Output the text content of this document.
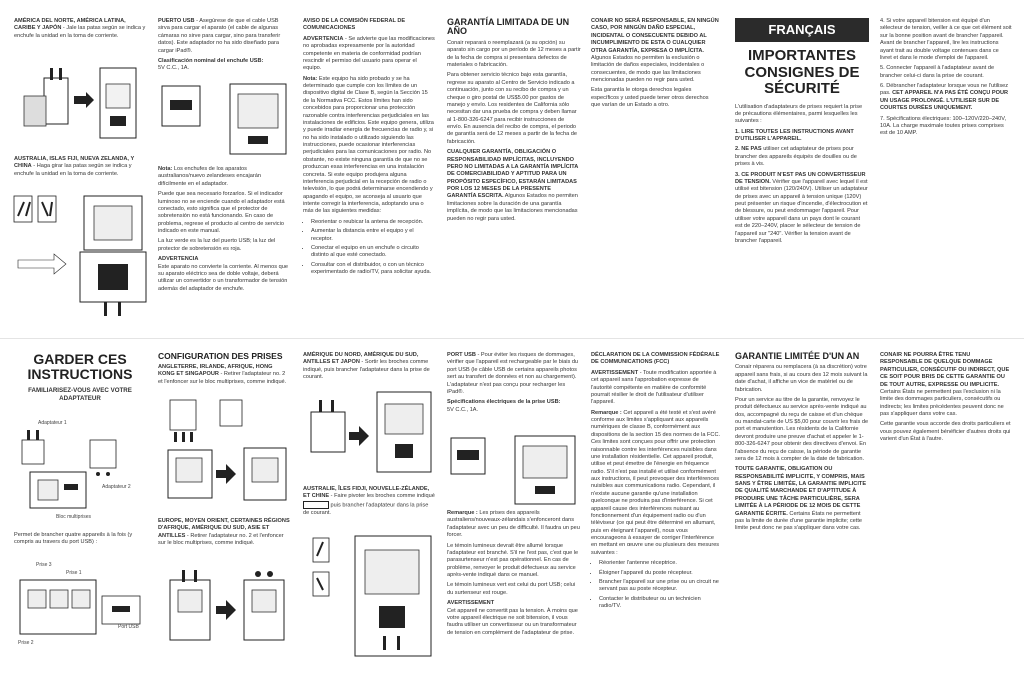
AMÉRICA DEL NORTE, AMÉRICA LATINA, CARIBE Y JAPÓN - Jale las patas según se indica y enchufe la unidad en la toma de corriente.

AUSTRALIA, ISLAS FIJI, NUEVA ZELANDA, Y CHINA - Haga girar las patas según se indica y enchufe la unidad en la toma de corriente.

PUERTO USB - Asegúrese de que el cable USB sirva para cargar el aparato (el cable de algunas cámaras no sirve para cargar, sino para transferir datos). Este adaptador no ha sido diseñado para cargar iPad®.

Clasificación nominal del enchufe USB:
5V C.C., 1A.

Nota: Los enchufes de los aparatos australianos/nuevo zelandeses encajarán difícilmente en el adaptador.

Puede que sea necesario forzarlos. Si el indicador luminoso no se enciende cuando el adaptador está conectado, esto significa que el protector de sobretensión no está funcionando. En caso de problema, regrese el producto al centro de servicio indicado en este manual.

La luz verde es la luz del puerto USB; la luz del protector de sobretensión es roja.

ADVERTENCIA

Este aparato no convierte la corriente. Al menos que su aparato eléctrico sea de doble voltaje, deberá utilizar un convertidor o un transformador de tensión además del adaptador de enchufe.

AVISO DE LA COMISIÓN FEDERAL DE COMUNICACIONES

ADVERTENCIA - Se advierte que las modificaciones no aprobadas expresamente por la autoridad competente en materia de conformidad podrían rescindir el permiso del usuario para operar el equipo.

Nota: Este equipo ha sido probado y se ha determinado que cumple con los límites de un dispositivo digital de Clase B, según la Sección 15 de la Normativa FCC. Estos límites han sido concebidos para proporcionar una protección razonable contra interferencias perjudiciales en las instalaciones de edificios. Este equipo genera, utiliza y puede irradiar energía de frecuencias de radio y, si no ha sido instalado o utilizado siguiendo las instrucciones, puede ocasionar interferencias perjudiciales para las comunicaciones por radio. No obstante, no existe ninguna garantía de que no se produzcan esas interferencias en una instalación concreta. Si este equipo produjera alguna interferencia perjudicial en la recepción de radio o televisión, lo que podrá determinarse encendiendo y apagando el equipo, se aconseja al usuario que intente corregir la interferencia, adoptando una o más de las siguientes medidas:

• Reorientar o reubicar la antena de recepción.
• Aumentar la distancia entre el equipo y el receptor.
• Conectar el equipo en un enchufe o circuito distinto al que esté conectado.
• Consultar con el distribuidor, o con un técnico experimentado de radio/TV, para solicitar ayuda.

GARANTÍA LIMITADA DE UN AÑO

Conair reparará o reemplazará (a su opción) su aparato sin cargo por un período de 12 meses a partir de la fecha de compra si presentara defectos de materiales o fabricación.

Para obtener servicio técnico bajo esta garantía, regrese su aparato al Centro de Servicio indicado a continuación, junto con su recibo de compra y un cheque o giro postal de US$5.00 por gastos de manejo y envío. Los residentes de California sólo necesitan dar una prueba de compra y deben llamar al 1-800-326-6247 para recibir instrucciones de envío. En ausencia del recibo de compra, el periodo de garantía será de 12 meses a partir de la fecha de fabricación.

CUALQUIER GARANTÍA, OBLIGACIÓN O RESPONSABILIDAD IMPLÍCITAS, INCLUYENDO PERO NO LIMITADAS A LA GARANTÍA IMPLÍCITA DE COMERCIABILIDAD Y APTITUD PARA UN PROPÓSITO ESPECÍFICO, ESTARÁN LIMITADAS POR LOS 12 MESES DE LA PRESENTE GARANTÍA ESCRITA. Algunos Estados no permiten limitaciones sobre la duración de una garantía implícita, de modo que las limitaciones mencionadas pueden no regir para usted.

CONAIR NO SERÁ RESPONSABLE, EN NINGÚN CASO, POR NINGÚN DAÑO ESPECIAL, INCIDENTAL O CONSECUENTE DEBIDO AL INCUMPLIMIENTO DE ESTA O CUALQUIER OTRA GARANTÍA, EXPRESA O IMPLÍCITA. Algunos Estados no permiten la exclusión o limitación de daños especiales, incidentales o consecuentes, de modo que las limitaciones mencionadas pueden no regir para usted.

Esta garantía le otorga derechos legales específicos y usted puede tener otros derechos que varían de un Estado a otro.

FRANÇAIS

IMPORTANTES CONSIGNES DE SÉCURITÉ

L'utilisation d'adaptateurs de prises requiert la prise de précautions élémentaires, parmi lesquelles les suivantes :

1. LIRE TOUTES LES INSTRUCTIONS AVANT D'UTILISER L'APPAREIL.

2. NE PAS utiliser cet adaptateur de prises pour brancher des appareils équipés de douilles ou de prises à vis.

3. CE PRODUIT N'EST PAS UN CONVERTISSEUR DE TENSION. Vérifier que l'appareil avec lequel il est utilisé est bitension (120/240V). Utiliser un adaptateur de prises avec un appareil à tension unique (120V) peut présenter un risque d'incendie, d'électrocution et de blessure, ou peut endommager l'appareil. Pour utiliser votre appareil dans un pays dont le courant est de 220–240V, placer le sélecteur de tension de l'appareil sur "240". Vérifier la tension avant de brancher l'appareil.

4. Si votre appareil bitension est équipé d'un sélecteur de tension, veiller à ce que cet élément soit sur la bonne position avant de brancher l'appareil. Avant de brancher l'appareil, lire les instructions ayant trait au double voltage contenues dans ce livret et dans le mode d'emploi de l'appareil.

5. Connecter l'appareil à l'adaptateur avant de brancher celui-ci dans la prise de courant.

6. Débrancher l'adaptateur lorsque vous ne l'utilisez pas. CET APPAREIL N'A PAS ÉTÉ CONÇU POUR UN USAGE PROLONGÉ. L'UTILISER SUR DE COURTES DURÉES UNIQUEMENT.

7. Spécifications électriques: 100–120V/220–240V, 10A. La charge maximale toutes prises comprises est de 10 AMP.

GARDER CES INSTRUCTIONS

FAMILIARISEZ-VOUS AVEC VOTRE ADAPTATEUR

Adaptateur 1
Adaptateur 2
Bloc multiprises

Permet de brancher quatre appareils à la fois (y compris au travers du port USB) :

Prise 3
Prise 1
Prise 2
Port USB

CONFIGURATION DES PRISES

ANGLETERRE, IRLANDE, AFRIQUE, HONG KONG ET SINGAPOUR - Retirer l'adaptateur no. 2 et l'enfoncer sur le bloc multiprises, comme indiqué.

EUROPE, MOYEN ORIENT, CERTAINES RÉGIONS D'AFRIQUE, AMÉRIQUE DU SUD, ASIE ET ANTILLES - Retirer l'adaptateur no. 2 et l'enfoncer sur le bloc multiprises, comme indiqué.

AMÉRIQUE DU NORD, AMÉRIQUE DU SUD, ANTILLES ET JAPON - Sortir les broches comme indiqué, puis brancher l'adaptateur dans la prise de courant.

AUSTRALIE, ÎLES FIDJI, NOUVELLE-ZÉLANDE, ET CHINE - Faire pivoter les broches comme indiqué  puis brancher l'adaptateur dans la prise de courant.

PORT USB - Pour éviter les risques de dommages, vérifier que l'appareil est rechargeable par le biais du port USB (le câble USB de certains appareils photos sert au transfert de données et non au chargement). L'adaptateur n'est pas conçu pour recharger les iPad®.

Spécifications électriques de la prise USB:
5V C.C., 1A.

Remarque : Les prises des appareils australiens/nouveaux-zélandais s'enfonceront dans l'adaptateur avec un peu de difficulté. Il faudra un peu forcer.

Le témoin lumineux devrait être allumé lorsque l'adaptateur est branché. S'il ne l'est pas, c'est que le parasurtenseur n'est pas opérationnel. En cas de problème, renvoyer le produit défectueux au service après-vente indiqué dans ce manuel.

Le témoin lumineux vert est celui du port USB; celui du surtenseur est rouge.

AVERTISSEMENT

Cet appareil ne convertit pas la tension. À moins que votre appareil électrique ne soit bitension, il vous faudra utiliser un convertisseur ou un transformateur de tension en complément de l'adaptateur de prise.

DÉCLARATION DE LA COMMISSION FÉDÉRALE DE COMMUNICATIONS (FCC)

AVERTISSEMENT - Toute modification apportée à cet appareil sans l'approbation expresse de l'autorité compétente en matière de conformité pourrait résilier le droit de l'utilisateur d'utiliser l'appareil.

Remarque : Cet appareil a été testé et s'est avéré conforme aux limites s'appliquant aux appareils numériques de classe B, conformément aux dispositions de la section 15 des normes de la FCC. Ces limites sont conçues pour offrir une protection raisonnable contre les interférences nuisibles dans une installation résidentielle. Cet appareil produit, utilise et peut émettre de l'énergie en fréquence radio. S'il n'est pas installé et utilisé conformément aux instructions, il peut provoquer des interférences nuisibles aux communications radio. Cependant, il n'existe aucune garantie qu'une installation quelconque ne produira pas d'interférence. Si cet appareil cause des interférences nuisant au fonctionnement d'un équipement radio ou d'un téléviseur (ce qui peut être déterminé en allumant, puis en éteignant l'appareil), nous vous encourageons à essayer de corriger l'interférence en mettant en œuvre une ou plusieurs des mesures suivantes :

• Réorienter l'antenne réceptrice.
• Éloigner l'appareil du poste récepteur.
• Brancher l'appareil sur une prise ou un circuit ne servant pas au poste récepteur.
• Contacter le distributeur ou un technicien radio/TV.

GARANTIE LIMITÉE D'UN AN

Conair réparera ou remplacera (à sa discrétion) votre appareil sans frais, si au cours des 12 mois suivant la date d'achat, il affiche un vice de matériel ou de fabrication.

Pour un service au titre de la garantie, renvoyez le produit défectueux au service après-vente indiqué au dos, accompagné du reçu de caisse et d'un chèque ou mandat-carte de US $5,00 pour couvrir les frais de port et manutention. Les résidents de la Californie devront produire une preuve d'achat et appeler le 1-800-326-6247 pour obtenir des directives d'envoi. En l'absence du reçu de caisse, la période de garantie sera de 12 mois à compter de la date de fabrication.

TOUTE GARANTIE, OBLIGATION OU RESPONSABILITÉ IMPLICITE, Y COMPRIS, MAIS SANS Y ÊTRE LIMITÉE, LA GARANTIE IMPLICITE DE QUALITÉ MARCHANDE ET D'APTITUDE À PRODUIRE UNE TÂCHE PARTICULIÈRE, SERA LIMITÉE À LA PÉRIODE DE 12 MOIS DE CETTE GARANTIE ÉCRITE. Certains États ne permettent pas la limite de durée d'une garantie implicite; cette limite peut donc ne pas s'appliquer dans votre cas.

CONAIR NE POURRA ÊTRE TENU RESPONSABLE DE QUELQUE DOMMAGE PARTICULIER, CONSÉCUTIF OU INDIRECT, QUE CE SOIT POUR BRIS DE CETTE GARANTIE OU DE TOUT AUTRE, EXPRESSE OU IMPLICITE. Certains États ne permettent pas l'exclusion ni la limite des dommages particuliers, consécutifs ou indirects; les limites précédentes peuvent donc ne pas s'appliquer dans votre cas.

Cette garantie vous accorde des droits particuliers et vous pouvez également bénéficier d'autres droits qui varient d'un État à l'autre.
